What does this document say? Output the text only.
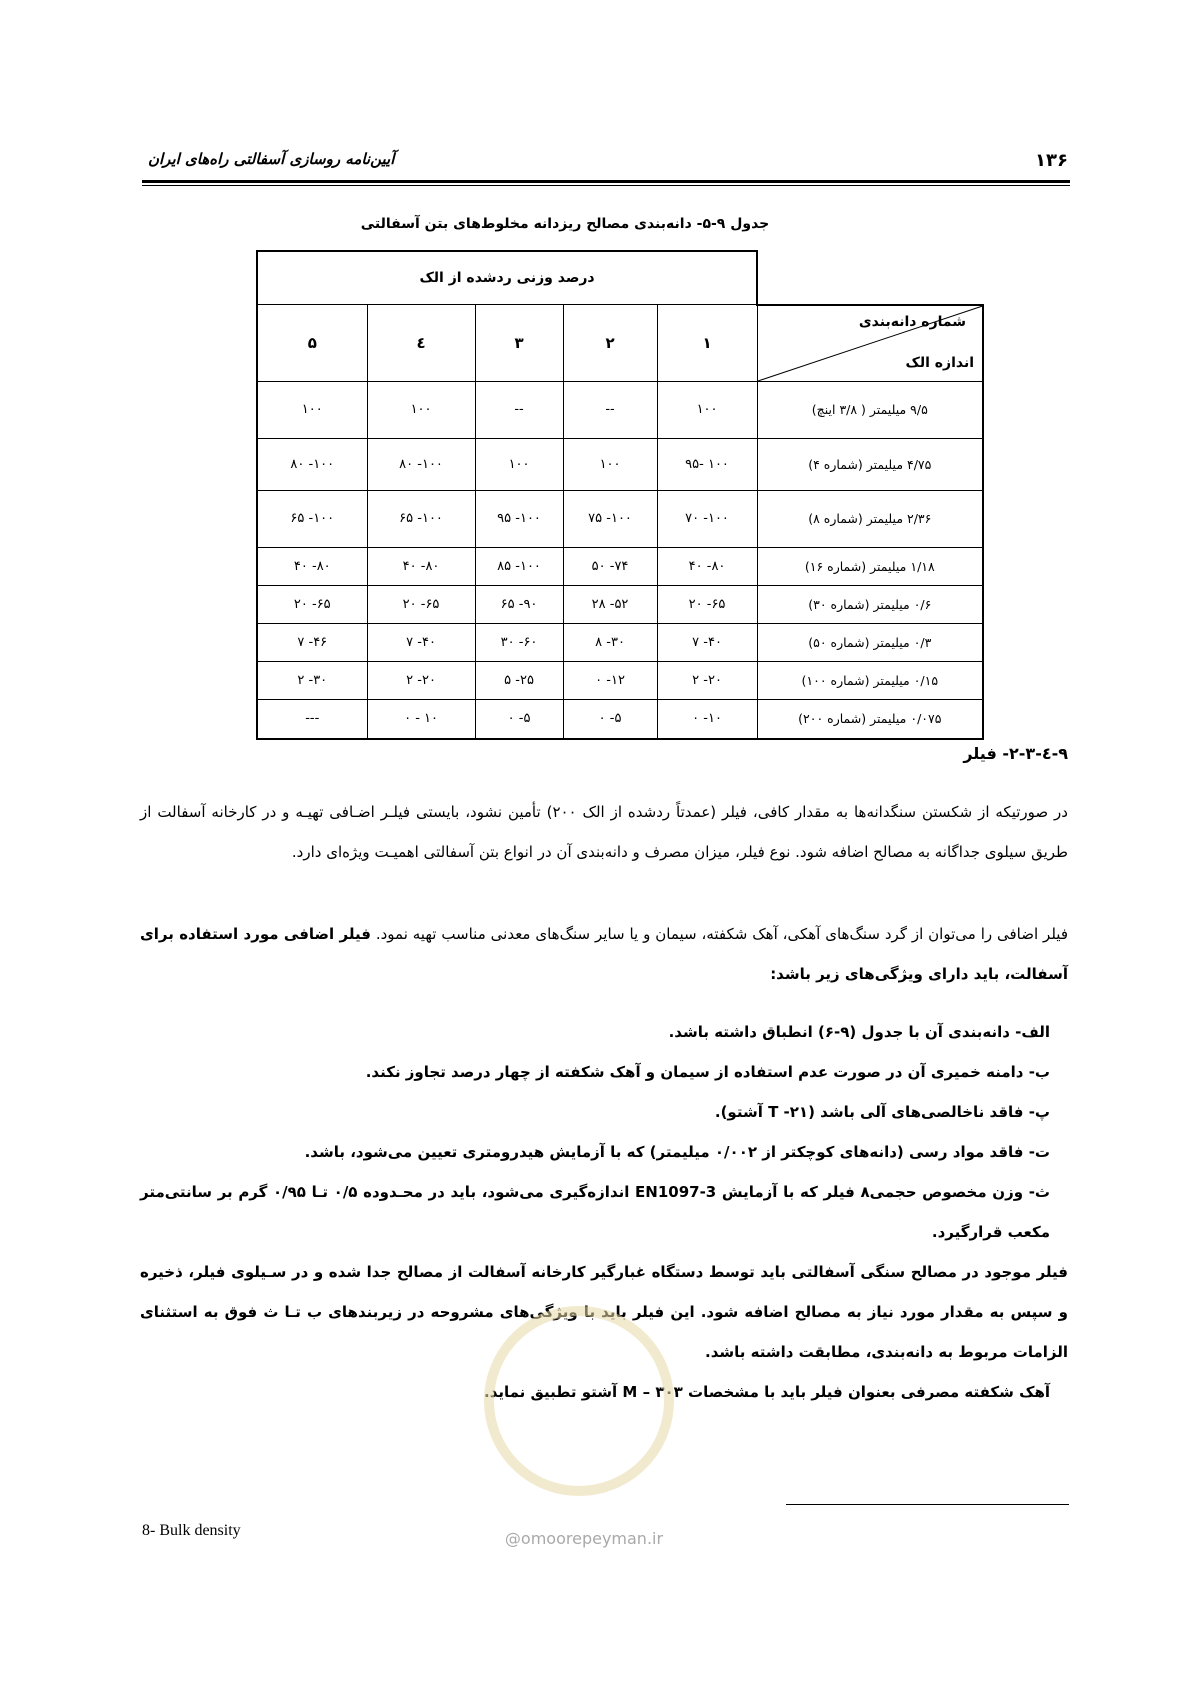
آیین‌نامه روسازی آسفالتی راه‌های ایران	۱۳۶
جدول ۹-۵- دانه‌بندی مصالح ریزدانه مخلوط‌های بتن آسفالتی
	درصد وزنی ردشده از الک				

شماره دانه‌بندی
اندازه الک	۱	۲	۳	٤	۵
۹/۵ میلیمتر ( ۳/۸ اینچ)	۱۰۰	--	--	۱۰۰	۱۰۰
۴/۷۵ میلیمتر (شماره ۴)	۱۰۰ -۹۵	۱۰۰	۱۰۰	۱۰۰- ۸۰	۱۰۰- ۸۰
۲/۳۶ میلیمتر (شماره ۸)	۱۰۰- ۷۰	۱۰۰- ۷۵	۱۰۰- ۹۵	۱۰۰- ۶۵	۱۰۰- ۶۵
۱/۱۸ میلیمتر (شماره ۱۶)	۸۰- ۴۰	۷۴- ۵۰	۱۰۰- ۸۵	۸۰- ۴۰	۸۰- ۴۰
۰/۶ میلیمتر (شماره ۳۰)	۶۵- ۲۰	۵۲- ۲۸	۹۰- ۶۵	۶۵- ۲۰	۶۵- ۲۰
۰/۳ میلیمتر (شماره ۵۰)	۴۰- ۷	۳۰- ۸	۶۰- ۳۰	۴۰- ۷	۴۶- ۷
۰/۱۵ میلیمتر (شماره ۱۰۰)	۲۰- ۲	۱۲- ۰	۲۵- ۵	۲۰- ۲	۳۰- ۲
۰/۰۷۵ میلیمتر (شماره ۲۰۰)	۱۰- ۰	۵- ۰	۵- ۰	۱۰ - ۰	---
۹-٤-۲-۳- فیلر
در صورتیکه از شکستن سنگدانه‌ها به مقدار کافی، فیلر (عمدتاً ردشده از الک ۲۰۰) تأمین نشود، بایستی فیلـر اضـافی تهیـه و در کارخانه آسفالت از طریق سیلوی جداگانه به مصالح اضافه شود. نوع فیلر، میزان مصرف و دانه‌بندی آن در انواع بتن آسفالتی اهمیـت ویژه‌ای دارد.
فیلر اضافی را می‌توان از گرد سنگ‌های آهکی، آهک شکفته، سیمان و یا سایر سنگ‌های معدنی مناسب تهیه نمود. فیلر اضافی مورد استفاده برای آسفالت، باید دارای ویژگی‌های زیر باشد:
الف- دانه‌بندی آن با جدول (۹-۶) انطباق داشته باشد.
ب- دامنه خمیری آن در صورت عدم استفاده از سیمان و آهک شکفته از چهار درصد تجاوز نکند.
پ- فاقد ناخالصی‌های آلی باشد (۲۱- T آشتو).
ت- فاقد مواد رسی (دانه‌های کوچکتر از ۰/۰۰۲ میلیمتر) که با آزمایش هیدرومتری تعیین می‌شود، باشد.
ث- وزن مخصوص حجمی۸ فیلر که با آزمایش EN1097-3 اندازه‌گیری می‌شود، باید در محـدوده ۰/۵ تـا ۰/۹۵ گرم بر سانتی‌متر مکعب قرارگیرد.
فیلر موجود در مصالح سنگی آسفالتی باید توسط دستگاه غبارگیر کارخانه آسفالت از مصالح جدا شده و در سـیلوی فیلر، ذخیره و سپس به مقدار مورد نیاز به مصالح اضافه شود. این فیلر باید با ویژگی‌های مشروحه در زیربندهای ب تـا ث فوق به استثنای الزامات مربوط به دانه‌بندی، مطابقت داشته باشد.
آهک شکفته مصرفی بعنوان فیلر باید با مشخصات ۳۰۳ – M آشتو تطبیق نماید.
8- Bulk density	@omoorepeyman.ir
